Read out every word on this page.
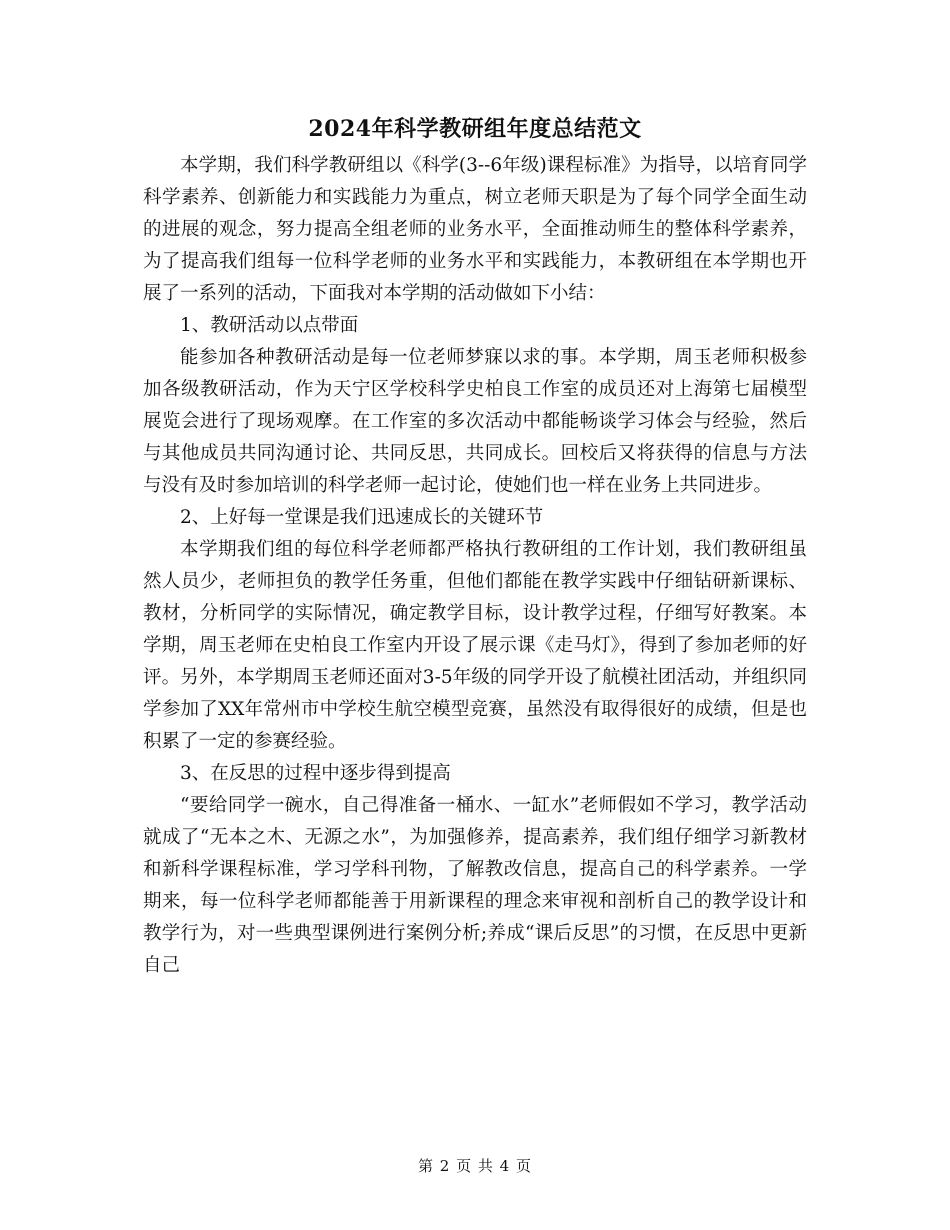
2024年科学教研组年度总结范文

本学期，我们科学教研组以《科学(3--6年级)课程标准》为指导，以培育同学科学素养、创新能力和实践能力为重点，树立老师天职是为了每个同学全面生动的进展的观念，努力提高全组老师的业务水平，全面推动师生的整体科学素养，为了提高我们组每一位科学老师的业务水平和实践能力，本教研组在本学期也开展了一系列的活动，下面我对本学期的活动做如下小结：

1、教研活动以点带面

能参加各种教研活动是每一位老师梦寐以求的事。本学期，周玉老师积极参加各级教研活动，作为天宁区学校科学史柏良工作室的成员还对上海第七届模型展览会进行了现场观摩。在工作室的多次活动中都能畅谈学习体会与经验，然后与其他成员共同沟通讨论、共同反思，共同成长。回校后又将获得的信息与方法与没有及时参加培训的科学老师一起讨论，使她们也一样在业务上共同进步。

2、上好每一堂课是我们迅速成长的关键环节

本学期我们组的每位科学老师都严格执行教研组的工作计划，我们教研组虽然人员少，老师担负的教学任务重，但他们都能在教学实践中仔细钻研新课标、教材，分析同学的实际情况，确定教学目标，设计教学过程，仔细写好教案。本学期，周玉老师在史柏良工作室内开设了展示课《走马灯》，得到了参加老师的好评。另外，本学期周玉老师还面对3-5年级的同学开设了航模社团活动，并组织同学参加了XX年常州市中学校生航空模型竞赛，虽然没有取得很好的成绩，但是也积累了一定的参赛经验。

3、在反思的过程中逐步得到提高

“要给同学一碗水，自己得准备一桶水、一缸水”老师假如不学习，教学活动就成了“无本之木、无源之水”，为加强修养，提高素养，我们组仔细学习新教材和新科学课程标准，学习学科刊物，了解教改信息，提高自己的科学素养。一学期来，每一位科学老师都能善于用新课程的理念来审视和剖析自己的教学设计和教学行为，对一些典型课例进行案例分析;养成“课后反思”的习惯，在反思中更新自己

第 2 页 共 4 页
